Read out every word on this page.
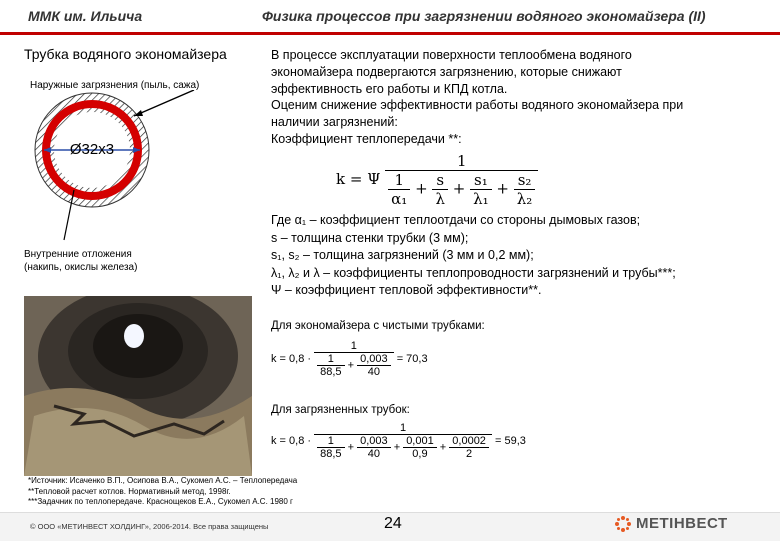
ММК им. Ильича	Физика процессов при загрязнении водяного экономайзера (II)
Трубка водяного экономайзера
Наружные загрязнения (пыль, сажа)
Ø32x3
Внутренние отложения
(накипь, окислы железа)
В процессе эксплуатации поверхности теплообмена водяного
экономайзера подвергаются загрязнению, которые снижают
эффективность его работы и КПД котла.
Оценим снижение эффективности работы водяного экономайзера при
наличии загрязнений:
Коэффициент теплопередачи **:
k = Ψ $\frac{1}{\frac{1}{\text{α₁}} + \frac{s}{\lambda} + \frac{\text{s₁}}{\text{λ₁}} + \frac{\text{s₂}}{\text{λ₂}}}$
Где α₁ – коэффициент теплоотдачи со стороны дымовых газов;
s – толщина стенки трубки (3 мм);
s₁, s₂ – толщина загрязнений (3 мм и 0,2 мм);
λ₁, λ₂ и λ – коэффициенты теплопроводности загрязнений и трубы***;
Ψ – коэффициент тепловой эффективности**.
Для экономайзера с чистыми трубками:
$k = 0,8 \cdot \frac{1}{\frac{1}{88,5} + \frac{0,003}{40}} = 70,3$
Для загрязненных трубок:
k = 0,8 ·
1
$\frac{1}{88,5} + \frac{0,003}{40} + \frac{0,001}{0,9} + \frac{0,0002}{2} = 59,3$
*Источник: Исаченко В.П., Осипова В.А., Сукомел А.С. – Теплопередача
**Тепловой расчет котлов. Нормативный метод, 1998г.
***Задачник по теплопередаче. Краснощеков Е.А., Сукомел А.С. 1980 г
© ООО «МЕТИНВЕСТ ХОЛДИНГ», 2006-2014. Все права защищены	24	МЕТІНВЕСТ
